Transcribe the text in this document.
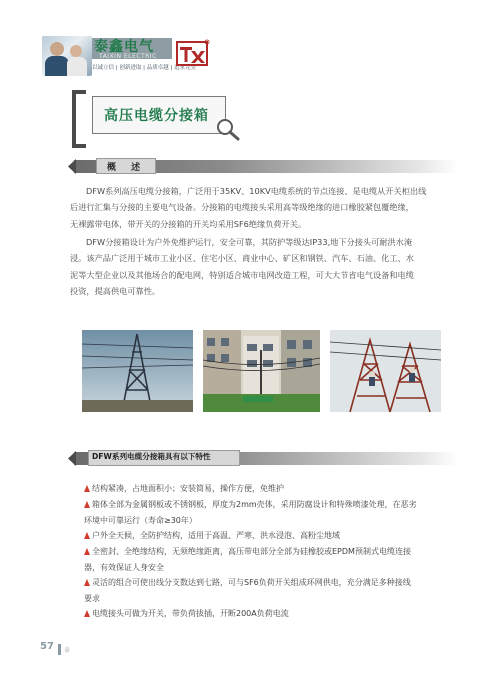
泰鑫电气
TAIXIN ELECTRIC
以诚立信 | 创新进取 | 品质卓越 | 追求完美
高压电缆分接箱
概 述

DFW系列高压电缆分接箱，广泛用于35KV、10KV电缆系统的节点连接、是电缆从开关柜出线
后进行汇集与分接的主要电气设备。分接箱的电缆接头采用高等级绝缘的进口橡胶紧包覆绝缘，
无裸露带电体，带开关的分接箱的开关均采用SF6绝缘负荷开关。

DFW分接箱设计为户外免维护运行，安全可靠，其防护等级达IP33,地下分接头可耐洪水淹
浸。该产品广泛用于城市工业小区、住宅小区、商业中心、矿区和钢铁、汽车、石油、化工、水
泥等大型企业以及其他场合的配电网，特别适合城市电网改造工程，可大大节省电气设备和电缆
投资，提高供电可靠性。

DFW系列电缆分接箱具有以下特性
结构紧凑，占地面积小；安装简易，操作方便，免维护
箱体全部为金属钢板或不锈钢板，厚度为2mm壳体，采用防腐设计和特殊喷漆处理，在恶劣
环境中可靠运行（寿命≥30年）
户外全天候，全防护结构，适用于高温、严寒、洪水浸泡、高粉尘地域
全密封、全绝缘结构，无须绝缘距离，高压带电部分全部为硅橡胶或EPDM预制式电缆连接
器，有效保证人身安全
灵活的组合可使出线分支数达到七路，可与SF6负荷开关组成环网供电，充分满足多种接线
要求
电缆接头可做为开关，带负荷拔插，开断200A负荷电流
57 泰
